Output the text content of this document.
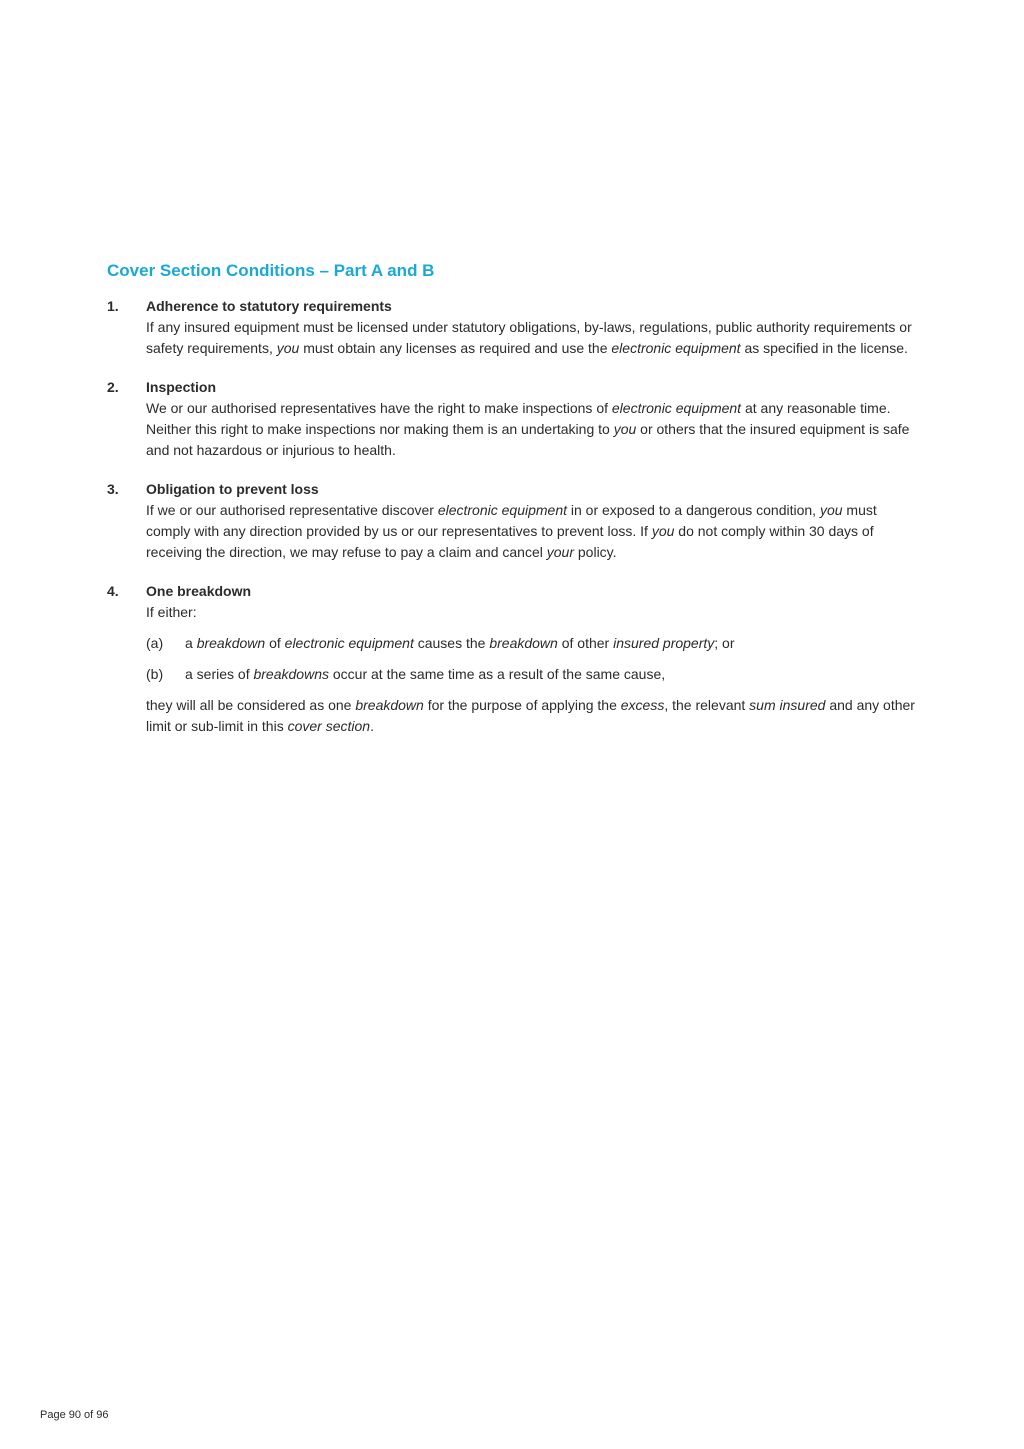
Cover Section Conditions – Part A and B
1.	Adherence to statutory requirements

If any insured equipment must be licensed under statutory obligations, by-laws, regulations, public authority requirements or safety requirements, you must obtain any licenses as required and use the electronic equipment as specified in the license.

2.	Inspection

We or our authorised representatives have the right to make inspections of electronic equipment at any reasonable time. Neither this right to make inspections nor making them is an undertaking to you or others that the insured equipment is safe and not hazardous or injurious to health.

3.	Obligation to prevent loss

If we or our authorised representative discover electronic equipment in or exposed to a dangerous condition, you must comply with any direction provided by us or our representatives to prevent loss. If you do not comply within 30 days of receiving the direction, we may refuse to pay a claim and cancel your policy.

4.	One breakdown

If either:

(a)	a breakdown of electronic equipment causes the breakdown of other insured property; or
(b)	a series of breakdowns occur at the same time as a result of the same cause,

they will all be considered as one breakdown for the purpose of applying the excess, the relevant sum insured and any other limit or sub-limit in this cover section.

Page 90 of 96
